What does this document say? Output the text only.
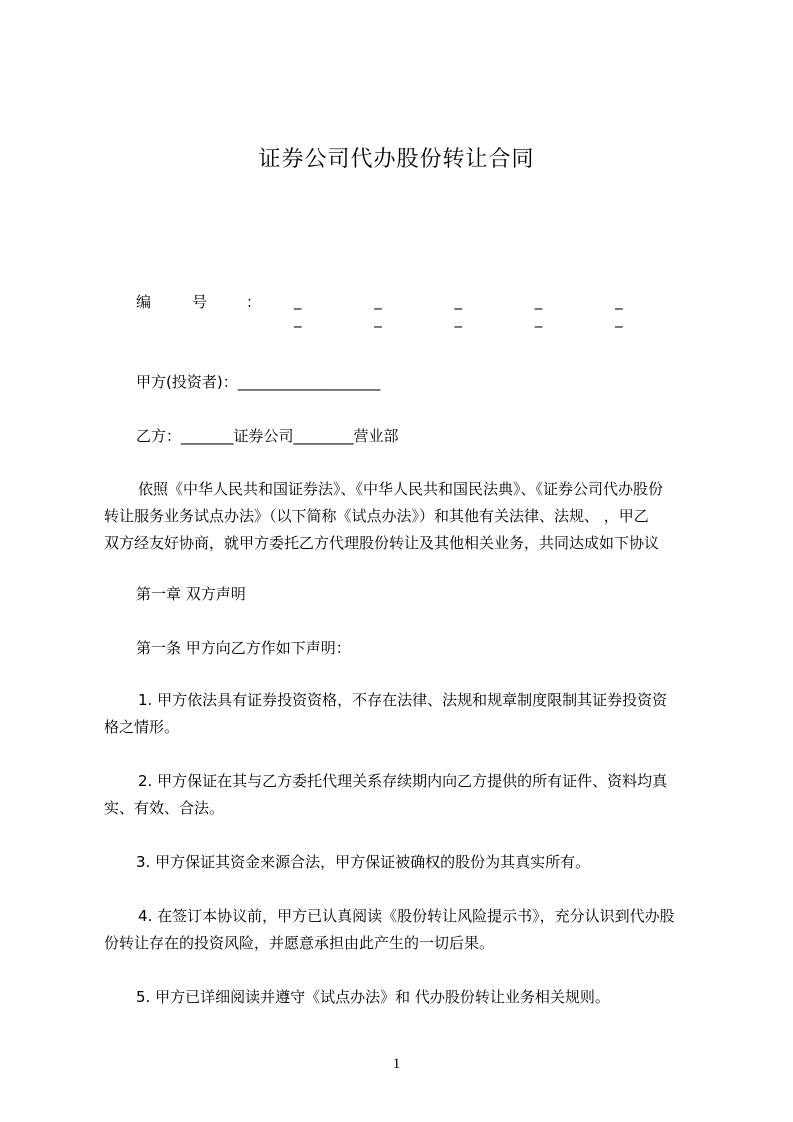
证券公司代办股份转让合同
编	号	： _ _ _ _ _ _ _ _ _ _
甲方(投资者)：___________________
乙方：_______证券公司________营业部

依照《中华人民共和国证券法》、《中华人民共和国民法典》、《证券公司代办股份

转让服务业务试点办法》（以下简称《试点办法》）和其他有关法律、法规、 ，甲乙

双方经友好协商，就甲方委托乙方代理股份转让及其他相关业务，共同达成如下协议

第一章 双方声明
第一条 甲方向乙方作如下声明：

1. 甲方依法具有证券投资资格，不存在法律、法规和规章制度限制其证券投资资

格之情形。

2. 甲方保证在其与乙方委托代理关系存续期内向乙方提供的所有证件、资料均真

实、有效、合法。

3. 甲方保证其资金来源合法，甲方保证被确权的股份为其真实所有。

4. 在签订本协议前，甲方已认真阅读《股份转让风险提示书》，充分认识到代办股

份转让存在的投资风险，并愿意承担由此产生的一切后果。

5. 甲方已详细阅读并遵守《试点办法》和 代办股份转让业务相关规则。

1
